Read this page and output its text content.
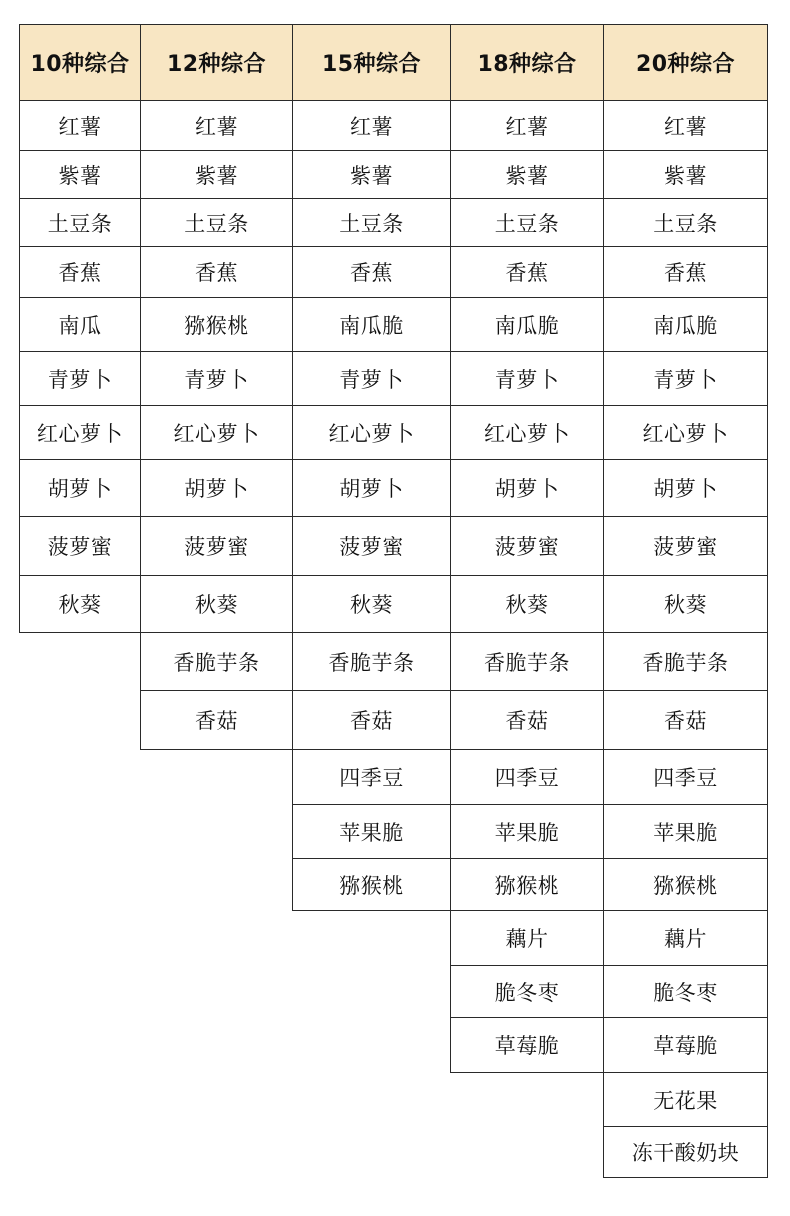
10种综合
红薯
紫薯
土豆条
香蕉
南瓜
青萝卜
红心萝卜
胡萝卜
菠萝蜜
秋葵
12种综合
红薯
紫薯
土豆条
香蕉
猕猴桃
青萝卜
红心萝卜
胡萝卜
菠萝蜜
秋葵
香脆芋条
香菇
15种综合
红薯
紫薯
土豆条
香蕉
南瓜脆
青萝卜
红心萝卜
胡萝卜
菠萝蜜
秋葵
香脆芋条
香菇
四季豆
苹果脆
猕猴桃
18种综合
红薯
紫薯
土豆条
香蕉
南瓜脆
青萝卜
红心萝卜
胡萝卜
菠萝蜜
秋葵
香脆芋条
香菇
四季豆
苹果脆
猕猴桃
藕片
脆冬枣
草莓脆
20种综合
红薯
紫薯
土豆条
香蕉
南瓜脆
青萝卜
红心萝卜
胡萝卜
菠萝蜜
秋葵
香脆芋条
香菇
四季豆
苹果脆
猕猴桃
藕片
脆冬枣
草莓脆
无花果
冻干酸奶块
